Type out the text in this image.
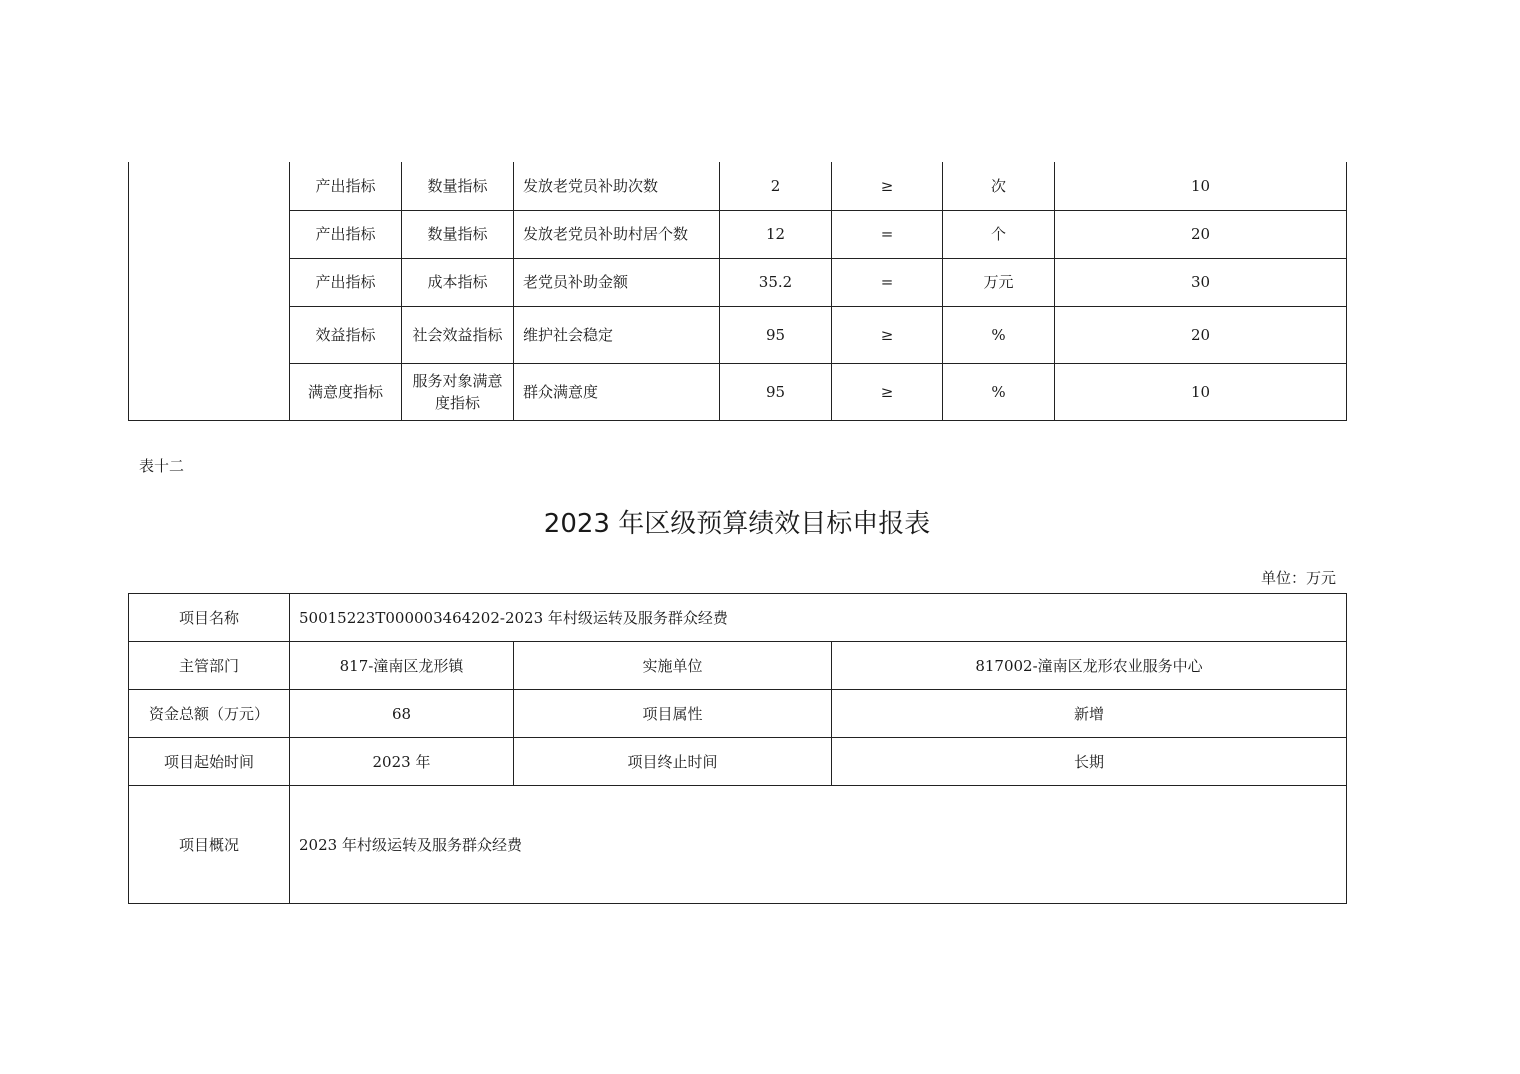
	产出指标	数量指标	发放老党员补助次数	2	≥	次	10
	产出指标	数量指标	发放老党员补助村居个数	12	=	个	20
	产出指标	成本指标	老党员补助金额	35.2	=	万元	30
	效益指标	社会效益指标	维护社会稳定	95	≥	%	20
	满意度指标	服务对象满意度指标	群众满意度	95	≥	%	10
表十二
2023 年区级预算绩效目标申报表
单位：万元
项目名称	50015223T000003464202-2023 年村级运转及服务群众经费		
主管部门	817-潼南区龙形镇	实施单位	817002-潼南区龙形农业服务中心
资金总额（万元）	68	项目属性	新增
项目起始时间	2023 年	项目终止时间	长期
项目概况	2023 年村级运转及服务群众经费		
